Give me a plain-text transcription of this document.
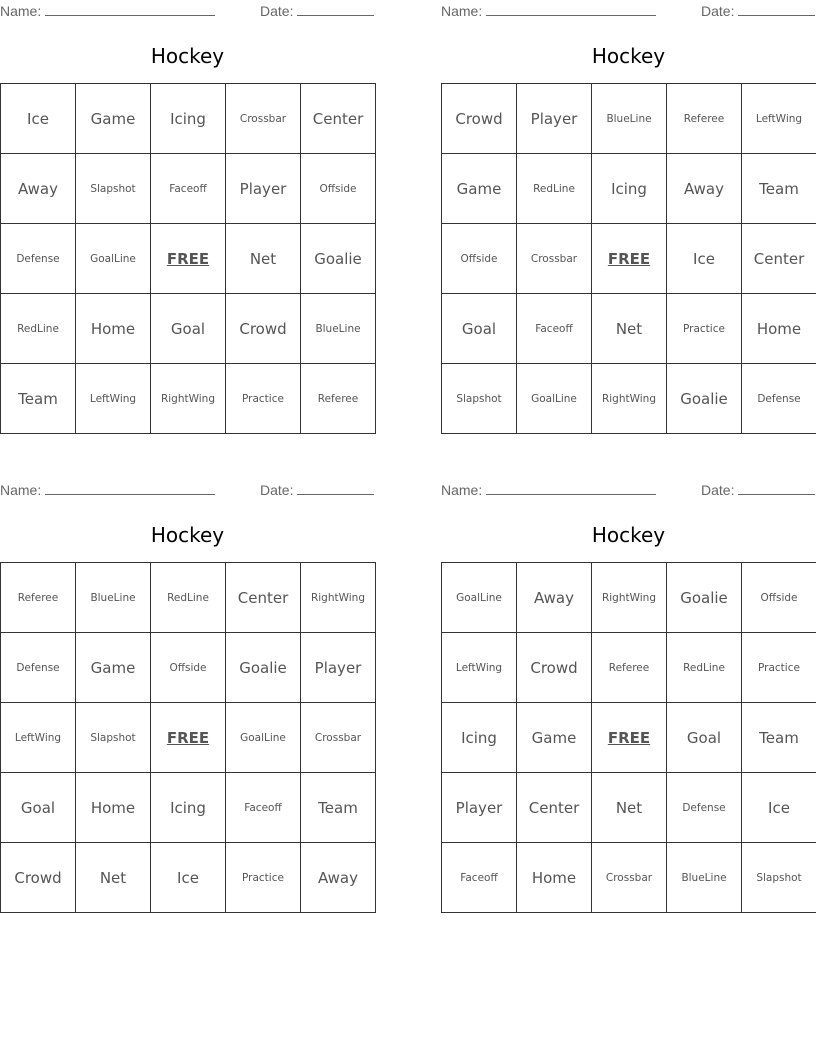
Name:	Date:
Hockey
Ice	Game	Icing	Crossbar	Center
Away	Slapshot	Faceoff	Player	Offside
Defense	GoalLine	FREE	Net	Goalie
RedLine	Home	Goal	Crowd	BlueLine
Team	LeftWing	RightWing	Practice	Referee
Name:	Date:
Hockey
Crowd	Player	BlueLine	Referee	LeftWing
Game	RedLine	Icing	Away	Team
Offside	Crossbar	FREE	Ice	Center
Goal	Faceoff	Net	Practice	Home
Slapshot	GoalLine	RightWing	Goalie	Defense
Name:	Date:
Hockey
Referee	BlueLine	RedLine	Center	RightWing
Defense	Game	Offside	Goalie	Player
LeftWing	Slapshot	FREE	GoalLine	Crossbar
Goal	Home	Icing	Faceoff	Team
Crowd	Net	Ice	Practice	Away
Name:	Date:
Hockey
GoalLine	Away	RightWing	Goalie	Offside
LeftWing	Crowd	Referee	RedLine	Practice
Icing	Game	FREE	Goal	Team
Player	Center	Net	Defense	Ice
Faceoff	Home	Crossbar	BlueLine	Slapshot
